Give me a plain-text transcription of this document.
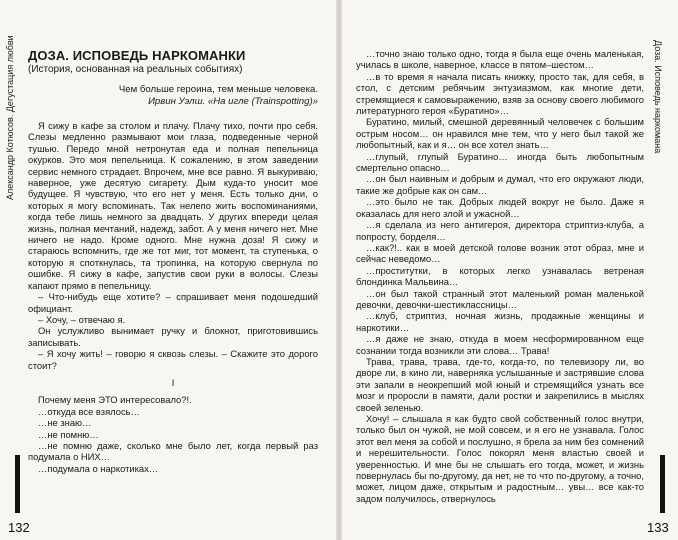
Александр Котюсов. Дегустация любви	Доза. Исповедь наркомана
132	133
ДОЗА. ИСПОВЕДЬ НАРКОМАНКИ
(История, основанная на реальных событиях)
Чем больше героина, тем меньше человека.
Ирвин Уэлш. «На игле (Trainspotting)»

Я сижу в кафе за столом и плачу. Плачу тихо, почти про себя. Слезы медленно размывают мои глаза, подведенные черной тушью. Передо мной нетронутая еда и полная пепельница окурков. Это моя пепельница. К сожалению, в этом заведении сервис немного страдает. Впрочем, мне все равно. Я выкуриваю, наверное, уже десятую сигарету. Дым куда-то уносит мое будущее. Я чувствую, что его нет у меня. Есть только дни, о которых я могу вспоминать. Так нелепо жить воспоминаниями, когда тебе лишь немного за двадцать. У других впереди целая жизнь, полная мечтаний, надежд, забот. А у меня ничего нет. Мне ничего не надо. Кроме одного. Мне нужна доза! Я сижу и стараюсь вспомнить, где же тот миг, тот момент, та ступенька, о которую я споткнулась, та тропинка, на которую свернула по ошибке. Я сижу в кафе, запустив свои руки в волосы. Слезы капают прямо в пепельницу.

– Что-нибудь еще хотите? – спрашивает меня подошедший официант.

– Хочу, – отвечаю я.

Он услужливо вынимает ручку и блокнот, приготовившись записывать.

– Я хочу жить! – говорю я сквозь слезы. – Скажите это дорого стоит?

I

Почему меня ЭТО интересовало?!.

…откуда все взялось…

…не знаю…

…не помню…

…не помню даже, сколько мне было лет, когда первый раз подумала о НИХ…

…подумала о наркотиках…

…точно знаю только одно, тогда я была еще очень маленькая, училась в школе, наверное, классе в пятом–шестом…

…в то время я начала писать книжку, просто так, для себя, в стол, с детским ребячьим энтузиазмом, как многие дети, стремящиеся к самовыражению, взяв за основу своего любимого литературного героя «Буратино»…

Буратино, милый, смешной деревянный человечек с большим острым носом… он нравился мне тем, что у него был такой же любопытный, как и я… он все хотел знать…

…глупый, глупый Буратино… иногда быть любопытным смертельно опасно…

…он был наивным и добрым и думал, что его окружают люди, такие же добрые как он сам…

…это было не так. Добрых людей вокруг не было. Даже я оказалась для него злой и ужасной…

…я сделала из него антигероя, директора стриптиз-клуба, а попросту, борделя…

…как?!.. как в моей детской голове возник этот образ, мне и сейчас неведомо…

…проститутки, в которых легко узнавалась ветреная блондинка Мальвина…

…он был такой странный этот маленький роман маленькой девочки, девочки-шестиклассницы…

…клуб, стриптиз, ночная жизнь, продажные женщины и наркотики…

…я даже не знаю, откуда в моем несформированном еще сознании тогда возникли эти слова… Трава!

Трава, трава, трава, где-то, когда-то, по телевизору ли, во дворе ли, в кино ли, наверняка услышанные и застрявшие слова эти запали в неокрепший мой юный и стремящийся узнать все мозг и проросли в памяти, дали ростки и закрепились в мыслях своей зеленью.

Хочу! – слышала я как будто свой собственный голос внутри, только был он чужой, не мой совсем, и я его не узнавала. Голос этот вел меня за собой и послушно, я брела за ним без сомнений и нерешительности. Голос покорял меня властью своей и уверенностью. И мне бы не слышать его тогда, может, и жизнь повернулась бы по-другому, да нет, не то что по-другому, а точно, может, лицом даже, открытым и радостным… увы… все как-то задом получилось, отвернулось
